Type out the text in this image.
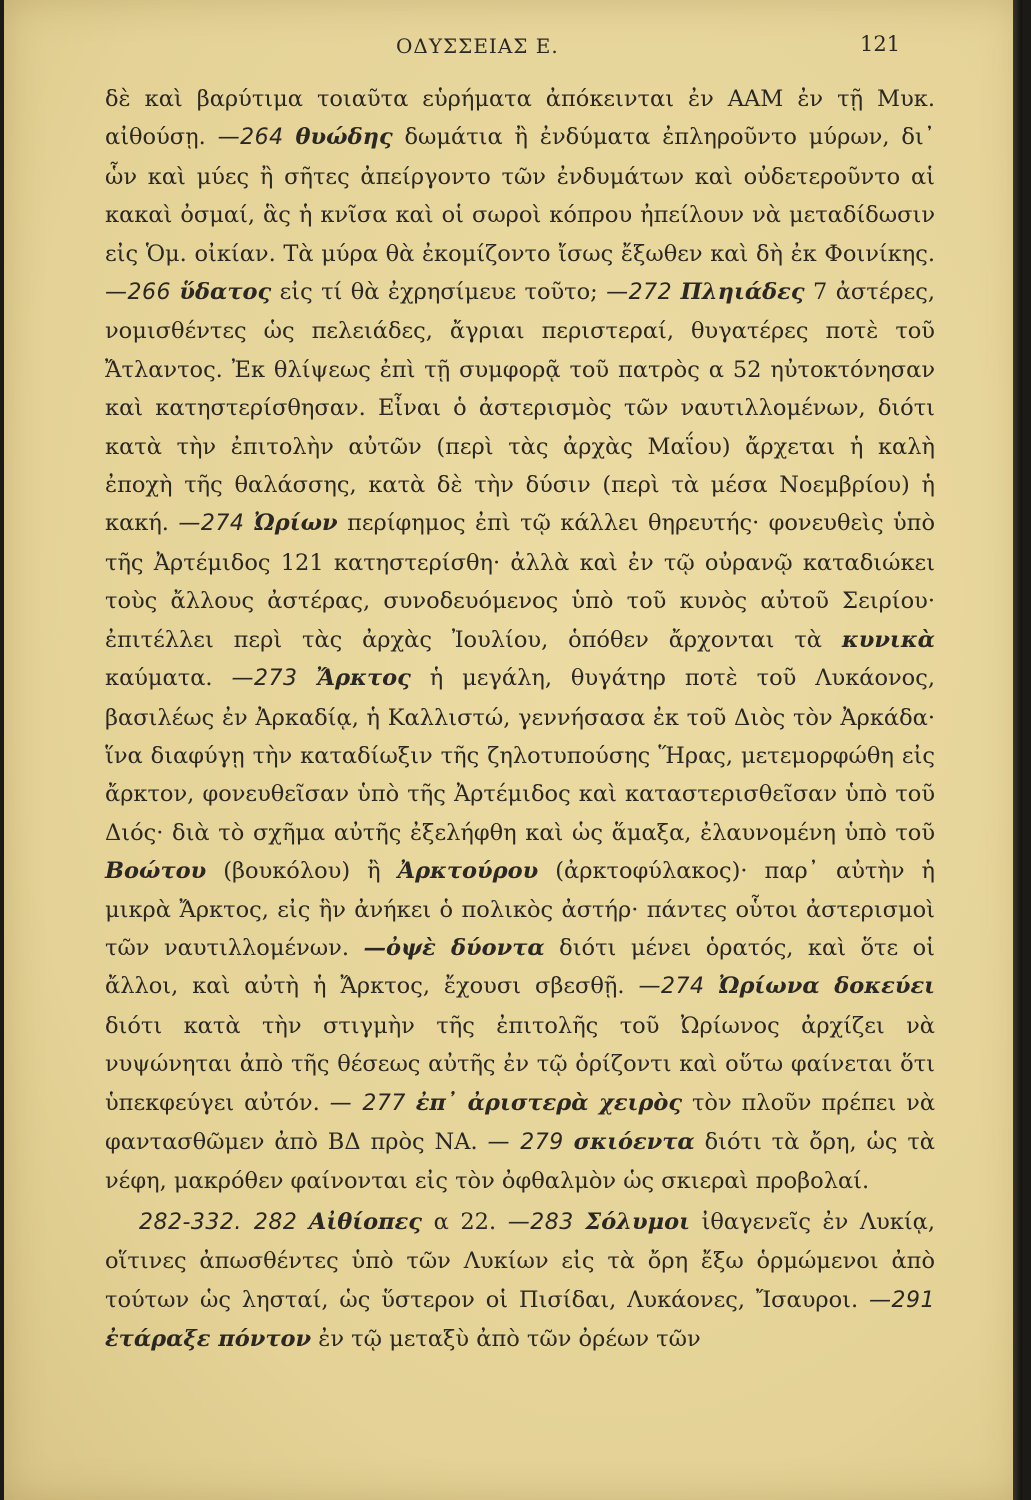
ΟΔΥΣΣΕΙΑΣ Ε.	121

δὲ καὶ βαρύτιμα τοιαῦτα εὑρήματα ἀπόκεινται ἐν ΑΑΜ ἐν τῇ Μυκ. αἰθούσῃ. —264 θυώδης δωμάτια ἢ ἐνδύματα ἐπληροῦντο μύρων, δι᾽ ὧν καὶ μύες ἢ σῆτες ἀπείργοντο τῶν ἐνδυμάτων καὶ οὐδετεροῦντο αἱ κακαὶ ὀσμαί, ἃς ἡ κνῖσα καὶ οἱ σωροὶ κόπρου ἠπείλουν νὰ μεταδίδωσιν εἰς Ὁμ. οἰκίαν. Τὰ μύρα θὰ ἐκομίζοντο ἴσως ἔξωθεν καὶ δὴ ἐκ Φοινίκης. —266 ὕδατος εἰς τί θὰ ἐχρησίμευε τοῦτο; —272 Πληιάδες 7 ἀστέρες, νομισθέντες ὡς πελειάδες, ἄγριαι περιστεραί, θυγατέρες ποτὲ τοῦ Ἄτλαντος. Ἐκ θλίψεως ἐπὶ τῇ συμφορᾷ τοῦ πατρὸς α 52 ηὐτοκτόνησαν καὶ κατηστερίσθησαν. Εἶναι ὁ ἀστερισμὸς τῶν ναυτιλλομένων, διότι κατὰ τὴν ἐπιτολὴν αὐτῶν (περὶ τὰς ἀρχὰς Μαΐου) ἄρχεται ἡ καλὴ ἐποχὴ τῆς θαλάσσης, κατὰ δὲ τὴν δύσιν (περὶ τὰ μέσα Νοεμβρίου) ἡ κακή. —274 Ὠρίων περίφημος ἐπὶ τῷ κάλλει θηρευτής· φονευθεὶς ὑπὸ τῆς Ἀρτέμιδος 121 κατηστερίσθη· ἀλλὰ καὶ ἐν τῷ οὐρανῷ καταδιώκει τοὺς ἄλλους ἀστέρας, συνοδευόμενος ὑπὸ τοῦ κυνὸς αὐτοῦ Σειρίου· ἐπιτέλλει περὶ τὰς ἀρχὰς Ἰουλίου, ὁπόθεν ἄρχονται τὰ κυνικὰ καύματα. —273 Ἄρκτος ἡ μεγάλη, θυγάτηρ ποτὲ τοῦ Λυκάονος, βασιλέως ἐν Ἀρκαδίᾳ, ἡ Καλλιστώ, γεννήσασα ἐκ τοῦ Διὸς τὸν Ἀρκάδα· ἵνα διαφύγῃ τὴν καταδίωξιν τῆς ζηλοτυπούσης Ἥρας, μετεμορφώθη εἰς ἄρκτον, φονευθεῖσαν ὑπὸ τῆς Ἀρτέμιδος καὶ καταστερισθεῖσαν ὑπὸ τοῦ Διός· διὰ τὸ σχῆμα αὐτῆς ἐξελήφθη καὶ ὡς ἅμαξα, ἐλαυνομένη ὑπὸ τοῦ Βοώτου (βουκόλου) ἢ Ἀρκτούρου (ἀρκτοφύλακος)· παρ᾽ αὐτὴν ἡ μικρὰ Ἄρκτος, εἰς ἣν ἀνήκει ὁ πολικὸς ἀστήρ· πάντες οὗτοι ἀστερισμοὶ τῶν ναυτιλλομένων. —ὀψὲ δύοντα διότι μένει ὁρατός, καὶ ὅτε οἱ ἄλλοι, καὶ αὐτὴ ἡ Ἄρκτος, ἔχουσι σβεσθῇ. —274 Ὠρίωνα δοκεύει διότι κατὰ τὴν στιγμὴν τῆς ἐπιτολῆς τοῦ Ὠρίωνος ἀρχίζει νὰ νυψώνηται ἀπὸ τῆς θέσεως αὐτῆς ἐν τῷ ὁρίζοντι καὶ οὕτω φαίνεται ὅτι ὑπεκφεύγει αὐτόν. — 277 ἐπ᾽ ἀριστερὰ χειρὸς τὸν πλοῦν πρέπει νὰ φαντασθῶμεν ἀπὸ ΒΔ πρὸς ΝΑ. — 279 σκιόεντα διότι τὰ ὄρη, ὡς τὰ νέφη, μακρόθεν φαίνονται εἰς τὸν ὀφθαλμὸν ὡς σκιεραὶ προβολαί.

282-332. 282 Αἰθίοπες α 22. —283 Σόλυμοι ἰθαγενεῖς ἐν Λυκίᾳ, οἵτινες ἀπωσθέντες ὑπὸ τῶν Λυκίων εἰς τὰ ὄρη ἔξω ὁρμώμενοι ἀπὸ τούτων ὡς λησταί, ὡς ὕστερον οἱ Πισίδαι, Λυκάονες, Ἴσαυροι. —291 ἐτάραξε πόντον ἐν τῷ μεταξὺ ἀπὸ τῶν ὀρέων τῶν
